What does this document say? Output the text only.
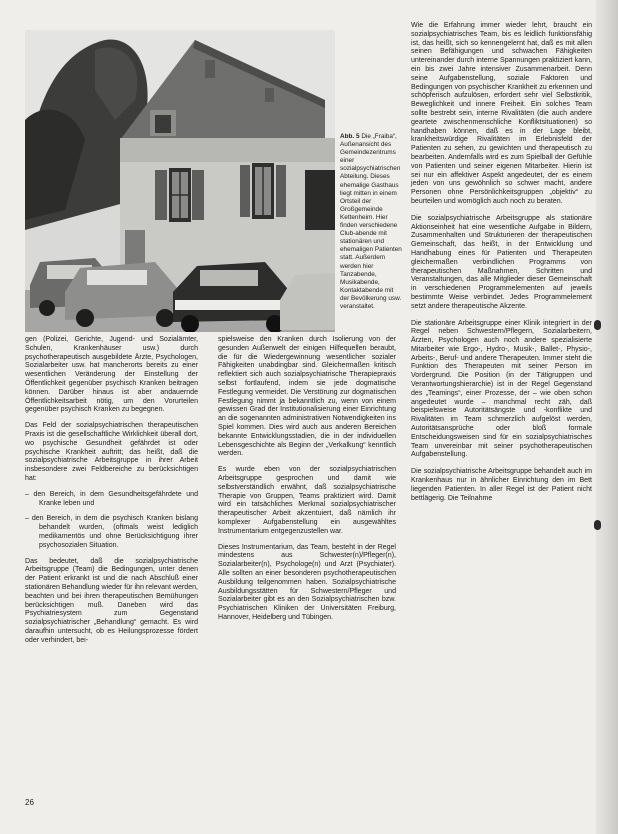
Abb. 5 Die „Fraiba“, Außenansicht des Gemeindezentrums einer sozialpsychiatrischen Abteilung. Dieses ehemalige Gasthaus liegt mitten in einem Ortsteil der Großgemeinde Kettenheim. Hier finden verschiedene Club-abende mit stationären und ehemaligen Patienten statt. Außerdem werden hier Tanzabende, Musikabende, Kontaktabende mit der Bevölkerung usw. veranstaltet.

gen (Polizei, Gerichte, Jugend- und Sozialämter, Schulen, Krankenhäuser usw.) durch psychotherapeutisch ausgebildete Ärzte, Psychologen, Sozialarbeiter usw. hat mancherorts bereits zu einer wesentlichen Veränderung der Einstellung der Öffentlichkeit gegenüber psychisch Kranken beitragen können. Darüber hinaus ist aber andauernde Öffentlichkeitsarbeit nötig, um den Vorurteilen gegenüber psychisch Kranken zu begegnen.

Das Feld der sozialpsychiatrischen therapeutischen Praxis ist die gesellschaftliche Wirklichkeit überall dort, wo psychische Gesundheit gefährdet ist oder psychische Krankheit auftritt; das heißt, daß die sozialpsychiatrische Arbeitsgruppe in ihrer Arbeit insbesondere zwei Feldbereiche zu berücksichtigen hat:

– den Bereich, in dem Gesundheitsgefährdete und Kranke leben und

– den Bereich, in dem die psychisch Kranken bislang behandelt wurden, (oftmals weist lediglich medikamentös und ohne Berücksichtigung ihrer psychosozialen Situation.

Das bedeutet, daß die sozialpsychiatrische Arbeitsgruppe (Team) die Bedingungen, unter denen der Patient erkrankt ist und die nach Abschluß einer stationären Behandlung wieder für ihn relevant werden, beachten und bei ihren therapeutischen Bemühungen berücksichtigen muß. Daneben wird das Psychiatriesystem zum Gegenstand sozialpsychiatrischer „Behandlung“ gemacht. Es wird daraufhin untersucht, ob es Heilungsprozesse fördert oder verhindert, bei-

spielsweise den Kranken durch Isolierung von der gesunden Außenwelt der einigen Hilfequellen beraubt, die für die Wiedergewinnung wesentlicher sozialer Fähigkeiten unabdingbar sind. Gleichermaßen kritisch reflektiert sich auch sozialpsychiatrische Therapiepraxis selbst fortlaufend, indem sie jede dogmatische Festlegung vermeidet. Die Verstörung zur dogmatischen Festlegung nimmt ja bekanntlich zu, wenn von einem gewissen Grad der Institutionalisierung einer Einrichtung an die sogenannten administrativen Notwendigkeiten ins Spiel kommen. Dies wird auch aus anderen Bereichen bekannte Entwicklungsstadien, die in der individuellen Lebensgeschichte als Beginn der „Verkalkung“ kenntlich werden.

Es wurde eben von der sozialpsychiatrischen Arbeitsgruppe gesprochen und damit wie selbstverständlich erwähnt, daß sozialpsychiatrische Therapie von Gruppen, Teams praktiziert wird. Damit wird ein tatsächliches Merkmal sozialpsychiatrischer therapeutischer Arbeit akzentuiert, daß nämlich ihr komplexer Aufgabenstellung ein ausgewähltes Instrumentarium entgegenzustellen war.

Dieses Instrumentarium, das Team, besteht in der Regel mindestens aus Schwester(n)/Pfleger(n), Sozialarbeiter(n), Psychologe(n) und Arzt (Psychiater). Alle sollten an einer besonderen psychotherapeutischen Ausbildung teilgenommen haben. Sozialpsychiatrische Ausbildungsstätten für Schwestern/Pfleger und Sozialarbeiter gibt es an den Sozialpsychiatrischen bzw. Psychiatrischen Kliniken der Universitäten Freiburg, Hannover, Heidelberg und Tübingen.

Wie die Erfahrung immer wieder lehrt, braucht ein sozialpsychiatrisches Team, bis es leidlich funktionsfähig ist, das heißt, sich so kennengelernt hat, daß es mit allen seinen Befähigungen und schwachen Fähigkeiten untereinander durch interne Spannungen praktiziert kann, ein bis zwei Jahre intensiver Zusammenarbeit. Denn seine Aufgabenstellung, soziale Faktoren und Bedingungen von psychischer Krankheit zu erkennen und schöpferisch aufzulösen, erfordert sehr viel Selbstkritik, Beweglichkeit und innere Freiheit. Ein solches Team sollte bestrebt sein, interne Rivalitäten (die auch andere geartete zwischenmenschliche Konfliktsituationen) so handhaben können, daß es in der Lage bleibt, krankheitswürdige Rivalitäten im Erlebnisfeld der Patienten zu sehen, zu gewichten und therapeutisch zu bearbeiten. Andernfalls wird es zum Spielball der Gefühle von Patienten und seiner eigenen Mitarbeiter. Hierin ist sei nur ein affektiver Aspekt angedeutet, der es einem jeden von uns gewöhnlich so schwer macht, andere Personen ohne Persönlichkeitsgruppen „objektiv“ zu beurteilen und womöglich auch noch zu beraten.

Die sozialpsychiatrische Arbeitsgruppe als stationäre Aktionseinheit hat eine wesentliche Aufgabe in Bildern, Zusammenhalten und Strukturieren der therapeutischen Gemeinschaft, das heißt, in der Entwicklung und Handhabung eines für Patienten und Therapeuten gleichermaßen verbindlichen Programms von therapeutischen Maßnahmen, Schritten und Veranstaltungen, das alle Mitglieder dieser Gemeinschaft in verschiedenen Programmelementen auf jeweils bestimmte Weise verbindet. Jedes Programmelement setzt andere therapeutische Akzente.

Die stationäre Arbeitsgruppe einer Klinik integriert in der Regel neben Schwestern/Pflegern, Sozialarbeitern, Ärzten, Psychologen auch noch andere spezialisierte Mitarbeiter wie Ergo-, Hydro-, Musik-, Ballet-, Physio-, Arbeits-, Beruf- und andere Therapeuten. Immer steht die Funktion des Therapeuten mit seiner Person im Vordergrund. Die Position (in der Tätigruppen und Verantwortungshierarchie) ist in der Regel Gegenstand des „Teamings“, einer Prozesse, der – wie oben schon angedeutet wurde – manchmal recht zäh, daß beispielsweise Autoritätsängste und -konflikte und Rivalitäten im Team schmerzlich aufgelöst werden, Autoritätsansprüche oder bloß formale Entscheidungsweisen sind für ein sozialpsychiatrisches Team unvereinbar mit seiner psychotherapeutischen Aufgabenstellung.

Die sozialpsychiatrische Arbeitsgruppe behandelt auch im Krankenhaus nur in ähnlicher Einrichtung den im Bett liegenden Patienten. In aller Regel ist der Patient nicht bettlägerig. Die Teilnahme

26
